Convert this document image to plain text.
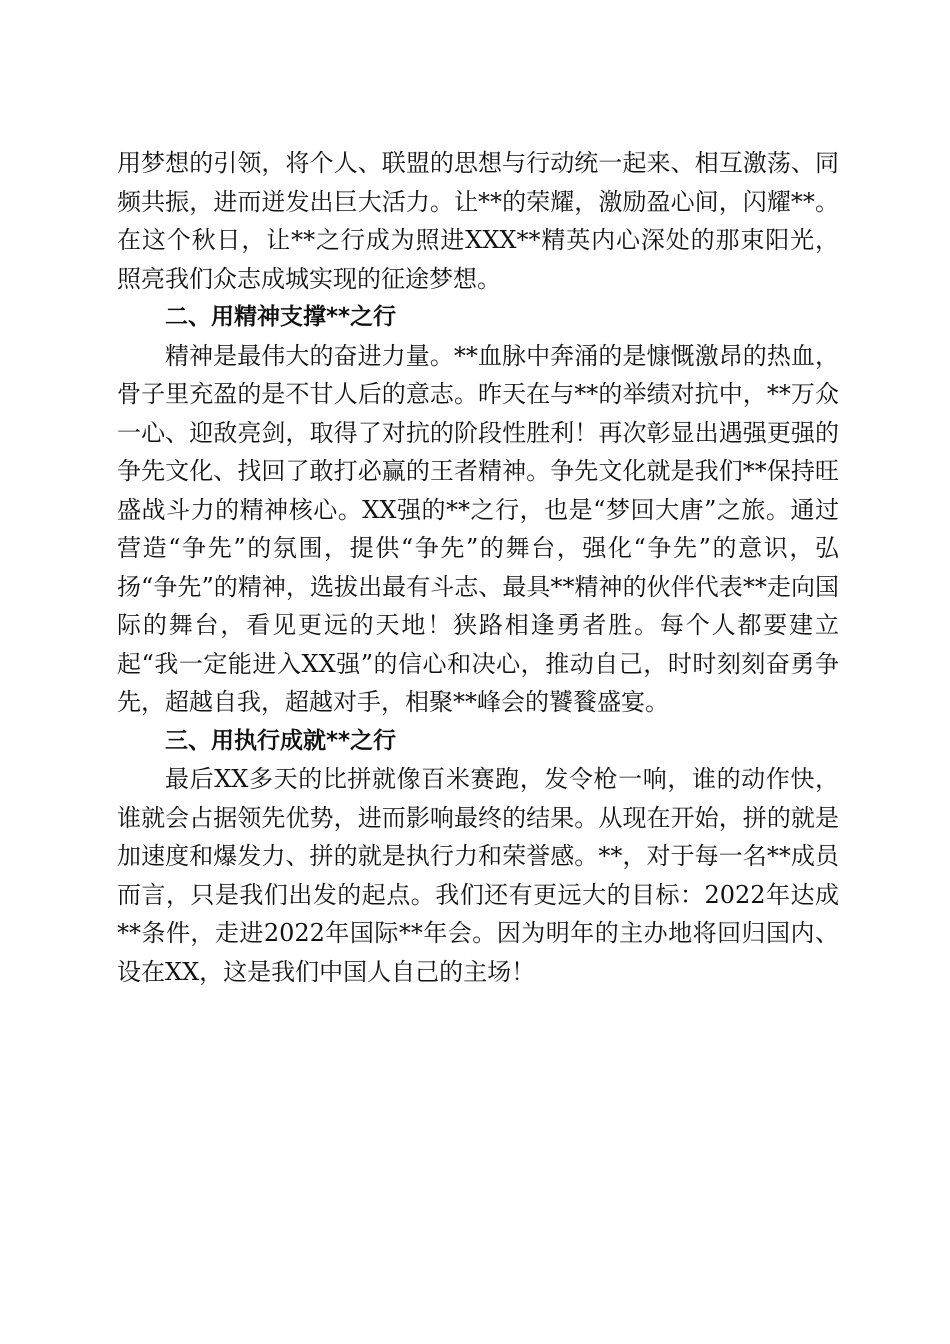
用梦想的引领，将个人、联盟的思想与行动统一起来、相互激荡、同频共振，进而迸发出巨大活力。让**的荣耀，激励盈心间，闪耀**。在这个秋日，让**之行成为照进XXX**精英内心深处的那束阳光，照亮我们众志成城实现的征途梦想。

二、用精神支撑**之行

精神是最伟大的奋进力量。**血脉中奔涌的是慷慨激昂的热血，骨子里充盈的是不甘人后的意志。昨天在与**的举绩对抗中，**万众一心、迎敌亮剑，取得了对抗的阶段性胜利！再次彰显出遇强更强的争先文化、找回了敢打必赢的王者精神。争先文化就是我们**保持旺盛战斗力的精神核心。XX强的**之行，也是“梦回大唐”之旅。通过营造“争先”的氛围，提供“争先”的舞台，强化“争先”的意识，弘扬“争先”的精神，选拔出最有斗志、最具**精神的伙伴代表**走向国际的舞台，看见更远的天地！狭路相逢勇者胜。每个人都要建立起“我一定能进入XX强”的信心和决心，推动自己，时时刻刻奋勇争先，超越自我，超越对手，相聚**峰会的饕餮盛宴。

三、用执行成就**之行

最后XX多天的比拼就像百米赛跑，发令枪一响，谁的动作快，谁就会占据领先优势，进而影响最终的结果。从现在开始，拼的就是加速度和爆发力、拼的就是执行力和荣誉感。**，对于每一名**成员而言，只是我们出发的起点。我们还有更远大的目标：2022年达成**条件，走进2022年国际**年会。因为明年的主办地将回归国内、设在XX，这是我们中国人自己的主场！
